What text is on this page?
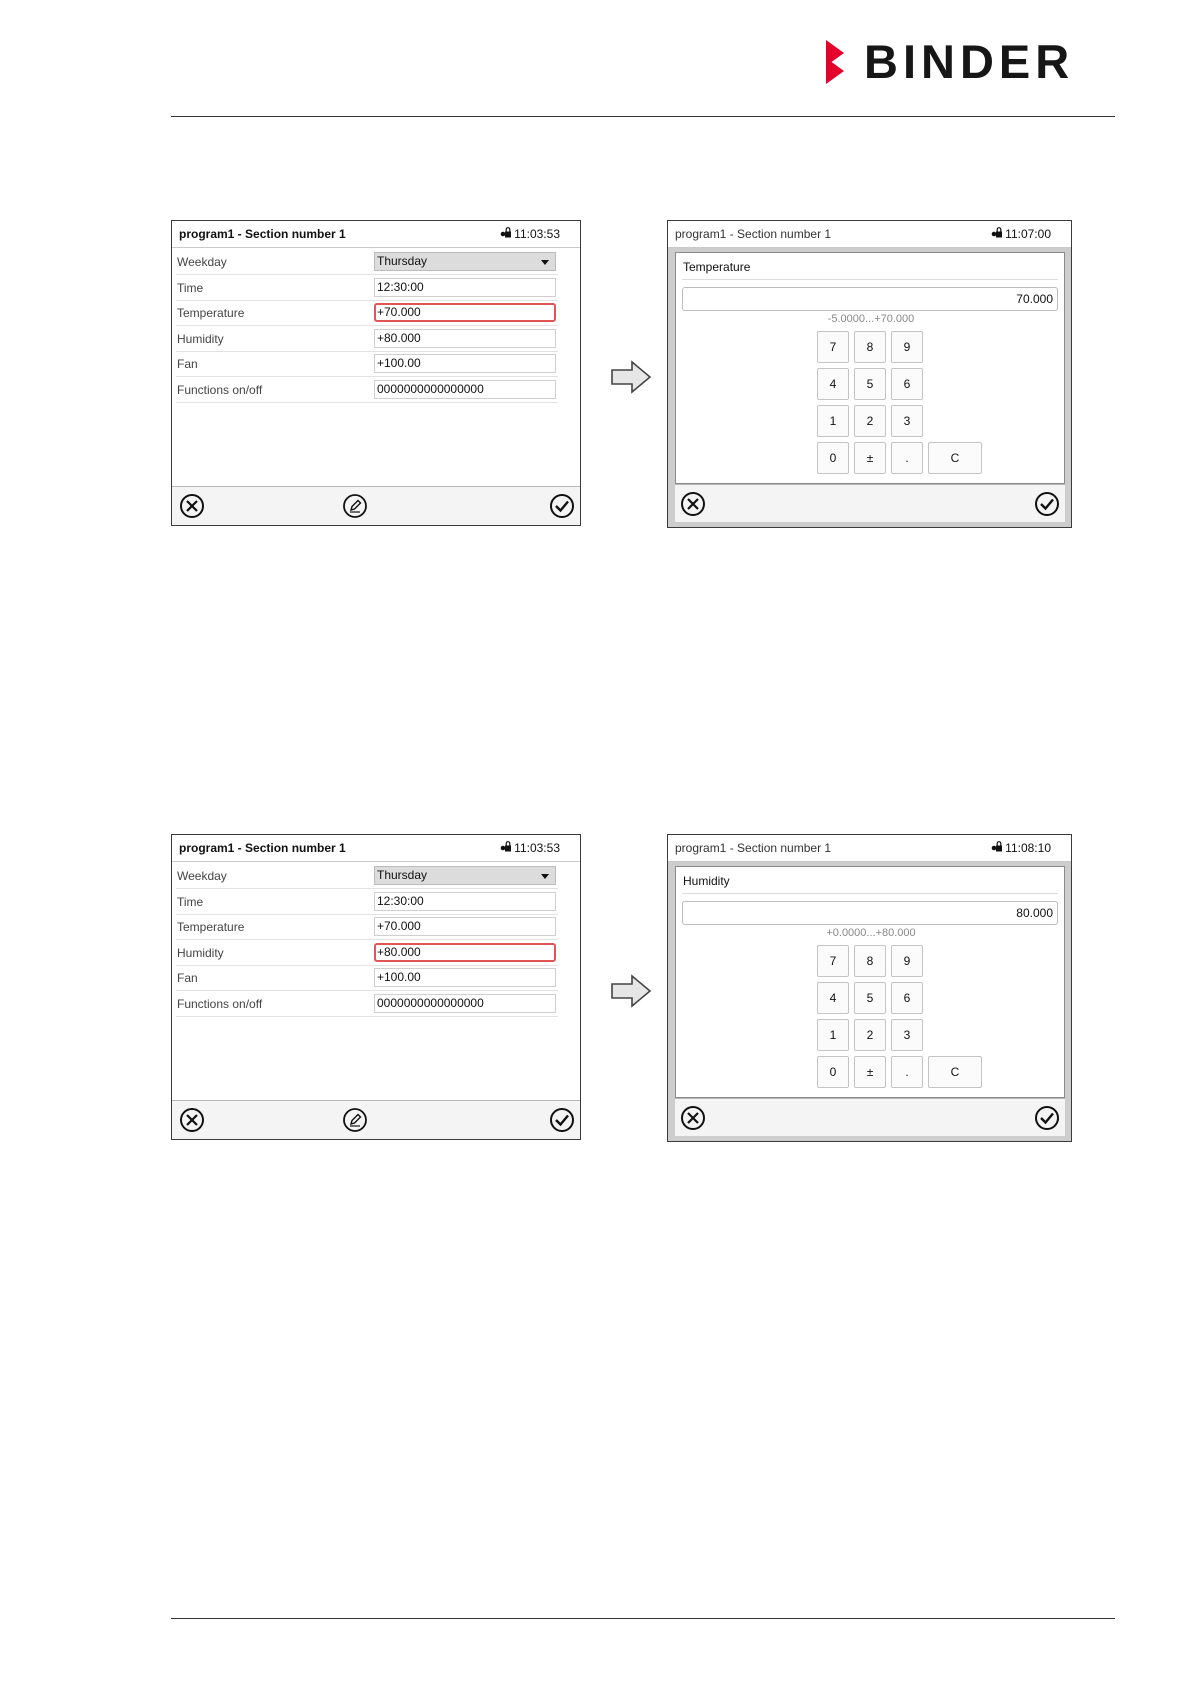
BINDER
program1 - Section number 1	11:03:53
Weekday	Thursday
Time	12:30:00
Temperature	+70.000
Humidity	+80.000
Fan	+100.00
Functions on/off	0000000000000000
program1 - Section number 1	11:07:00
Temperature
70.000
-5.0000...+70.000
7	8	9
4	5	6
1	2	3
0	±	.	C
program1 - Section number 1	11:03:53
Weekday	Thursday
Time	12:30:00
Temperature	+70.000
Humidity	+80.000
Fan	+100.00
Functions on/off	0000000000000000
program1 - Section number 1	11:08:10
Humidity
80.000
+0.0000...+80.000
7	8	9
4	5	6
1	2	3
0	±	.	C
